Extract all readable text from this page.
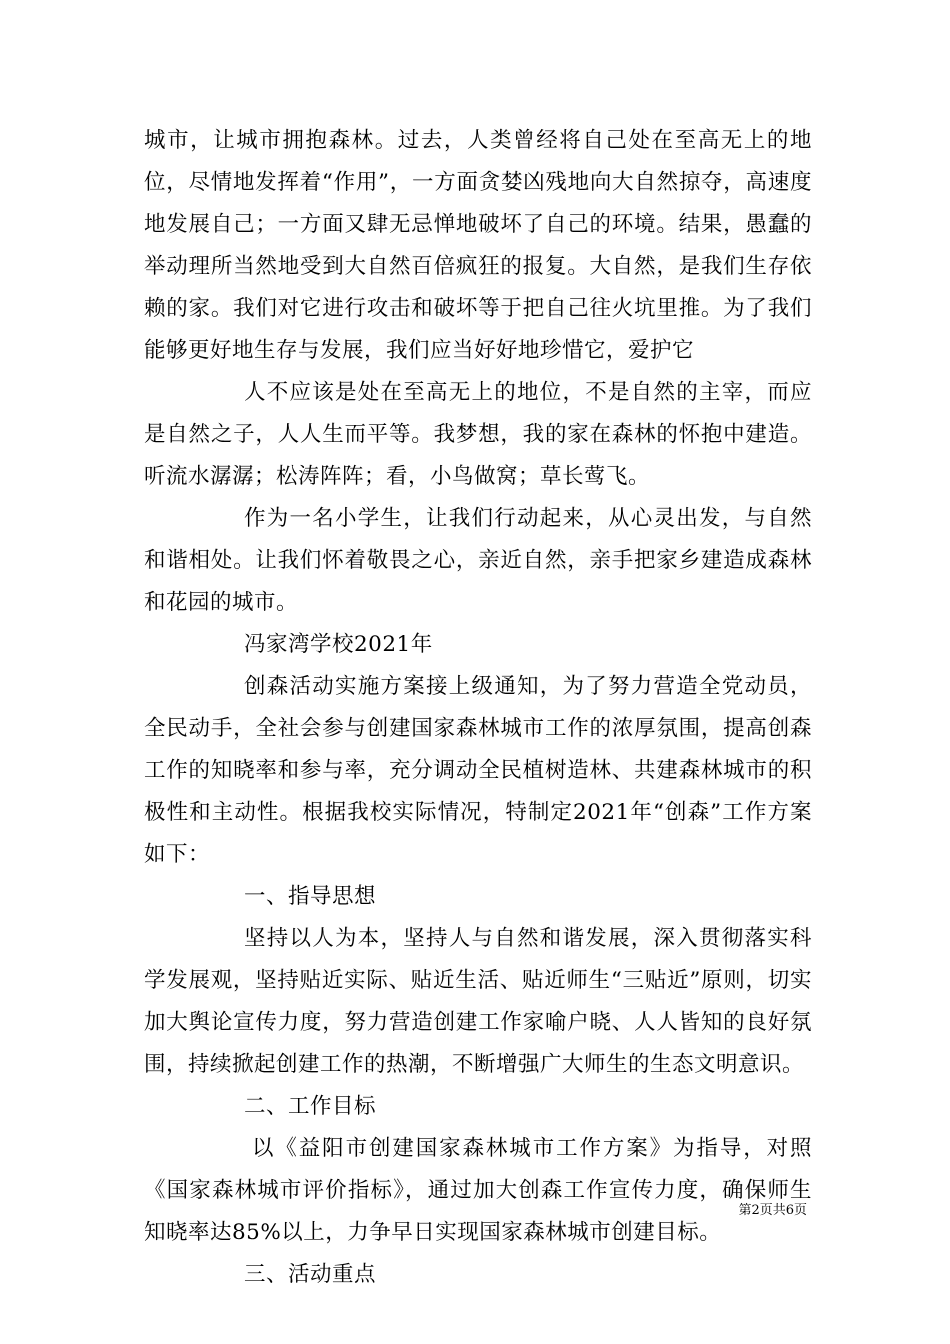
城市，让城市拥抱森林。过去，人类曾经将自己处在至高无上的地位，尽情地发挥着“作用”，一方面贪婪凶残地向大自然掠夺，高速度地发展自己；一方面又肆无忌惮地破坏了自己的环境。结果，愚蠢的举动理所当然地受到大自然百倍疯狂的报复。大自然，是我们生存依赖的家。我们对它进行攻击和破坏等于把自己往火坑里推。为了我们能够更好地生存与发展，我们应当好好地珍惜它，爱护它

人不应该是处在至高无上的地位，不是自然的主宰，而应是自然之子，人人生而平等。我梦想，我的家在森林的怀抱中建造。听流水潺潺；松涛阵阵；看，小鸟做窝；草长莺飞。

作为一名小学生，让我们行动起来，从心灵出发，与自然和谐相处。让我们怀着敬畏之心，亲近自然，亲手把家乡建造成森林和花园的城市。

冯家湾学校2021年

创森活动实施方案接上级通知，为了努力营造全党动员，全民动手，全社会参与创建国家森林城市工作的浓厚氛围，提高创森工作的知晓率和参与率，充分调动全民植树造林、共建森林城市的积极性和主动性。根据我校实际情况，特制定2021年“创森”工作方案如下：

一、指导思想

坚持以人为本，坚持人与自然和谐发展，深入贯彻落实科学发展观，坚持贴近实际、贴近生活、贴近师生“三贴近”原则，切实加大舆论宣传力度，努力营造创建工作家喻户晓、人人皆知的良好氛围，持续掀起创建工作的热潮，不断增强广大师生的生态文明意识。

二、工作目标

以《益阳市创建国家森林城市工作方案》为指导，对照《国家森林城市评价指标》，通过加大创森工作宣传力度，确保师生知晓率达85%以上，力争早日实现国家森林城市创建目标。

三、活动重点

第2页共6页
